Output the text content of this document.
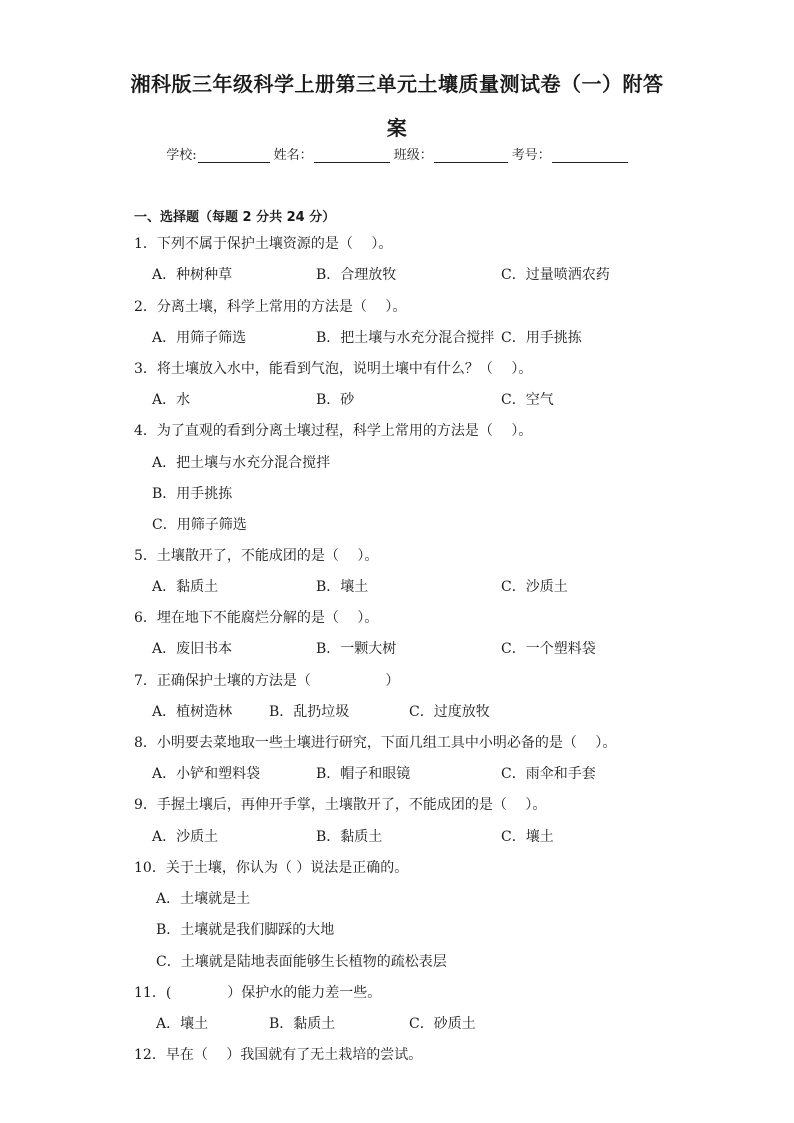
湘科版三年级科学上册第三单元土壤质量测试卷（一）附答
案
学校:	姓名：	班级：	考号：
一、选择题（每题 2 分共 24 分）
1．下列不属于保护土壤资源的是（　 ）。
A．种树种草	B．合理放牧	C．过量喷洒农药
2．分离土壤，科学上常用的方法是（　 ）。
A．用筛子筛选	B．把土壤与水充分混合搅拌 C．用手挑拣
3．将土壤放入水中，能看到气泡，说明土壤中有什么？（　 ）。
A．水	B．砂	C．空气
4．为了直观的看到分离土壤过程，科学上常用的方法是（　 ）。
A．把土壤与水充分混合搅拌
B．用手挑拣
C．用筛子筛选
5．土壤散开了，不能成团的是（　 ）。
A．黏质土	B．壤土	C．沙质土
6．埋在地下不能腐烂分解的是（　 ）。
A．废旧书本	B．一颗大树	C．一个塑料袋
7．正确保护土壤的方法是（　　　　　 ）
A．植树造林	B．乱扔垃圾	C．过度放牧
8．小明要去菜地取一些土壤进行研究，下面几组工具中小明必备的是（　 ）。
A．小铲和塑料袋	B．帽子和眼镜	C．雨伞和手套
9．手握土壤后，再伸开手掌，土壤散开了，不能成团的是（　 ）。
A．沙质土	B．黏质土	C．壤土
10．关于土壤，你认为（ ）说法是正确的。
A．土壤就是土
B．土壤就是我们脚踩的大地
C．土壤就是陆地表面能够生长植物的疏松表层
11．(　　　　）保护水的能力差一些。
A．壤土	B．黏质土	C．砂质土
12．早在（　 ）我国就有了无土栽培的尝试。
